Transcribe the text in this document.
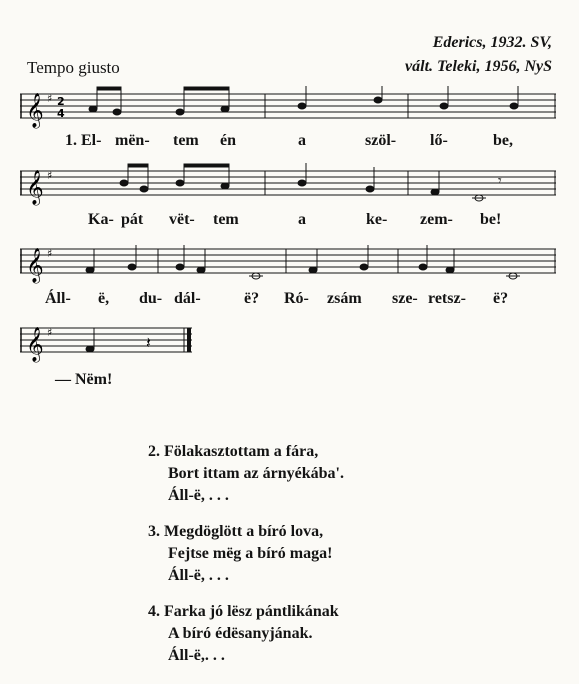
Tempo giusto
Ederics, 1932. SV,
vált. Teleki, 1956, NyS
𝄞 ♯ 2
4
1. El- mën- tem én	a	szöl- lő-	be,
𝄞 ♯	𝄾
Ka- pát vët- tem	a	ke- zem- be!
𝄞 ♯
Áll- ë, du- dál-	ë? Ró- zsám sze- retsz- ë?
𝄞 ♯
𝄽
— Nëm!
2. Fölakasztottam a fára,
Bort ittam az árnyékába'.
Áll-ë, . . .
3. Megdöglött a bíró lova,
Fejtse mëg a bíró maga!
Áll-ë, . . .
4. Farka jó lësz pántlikának
A bíró édësanyjának.
Áll-ë,. . .
